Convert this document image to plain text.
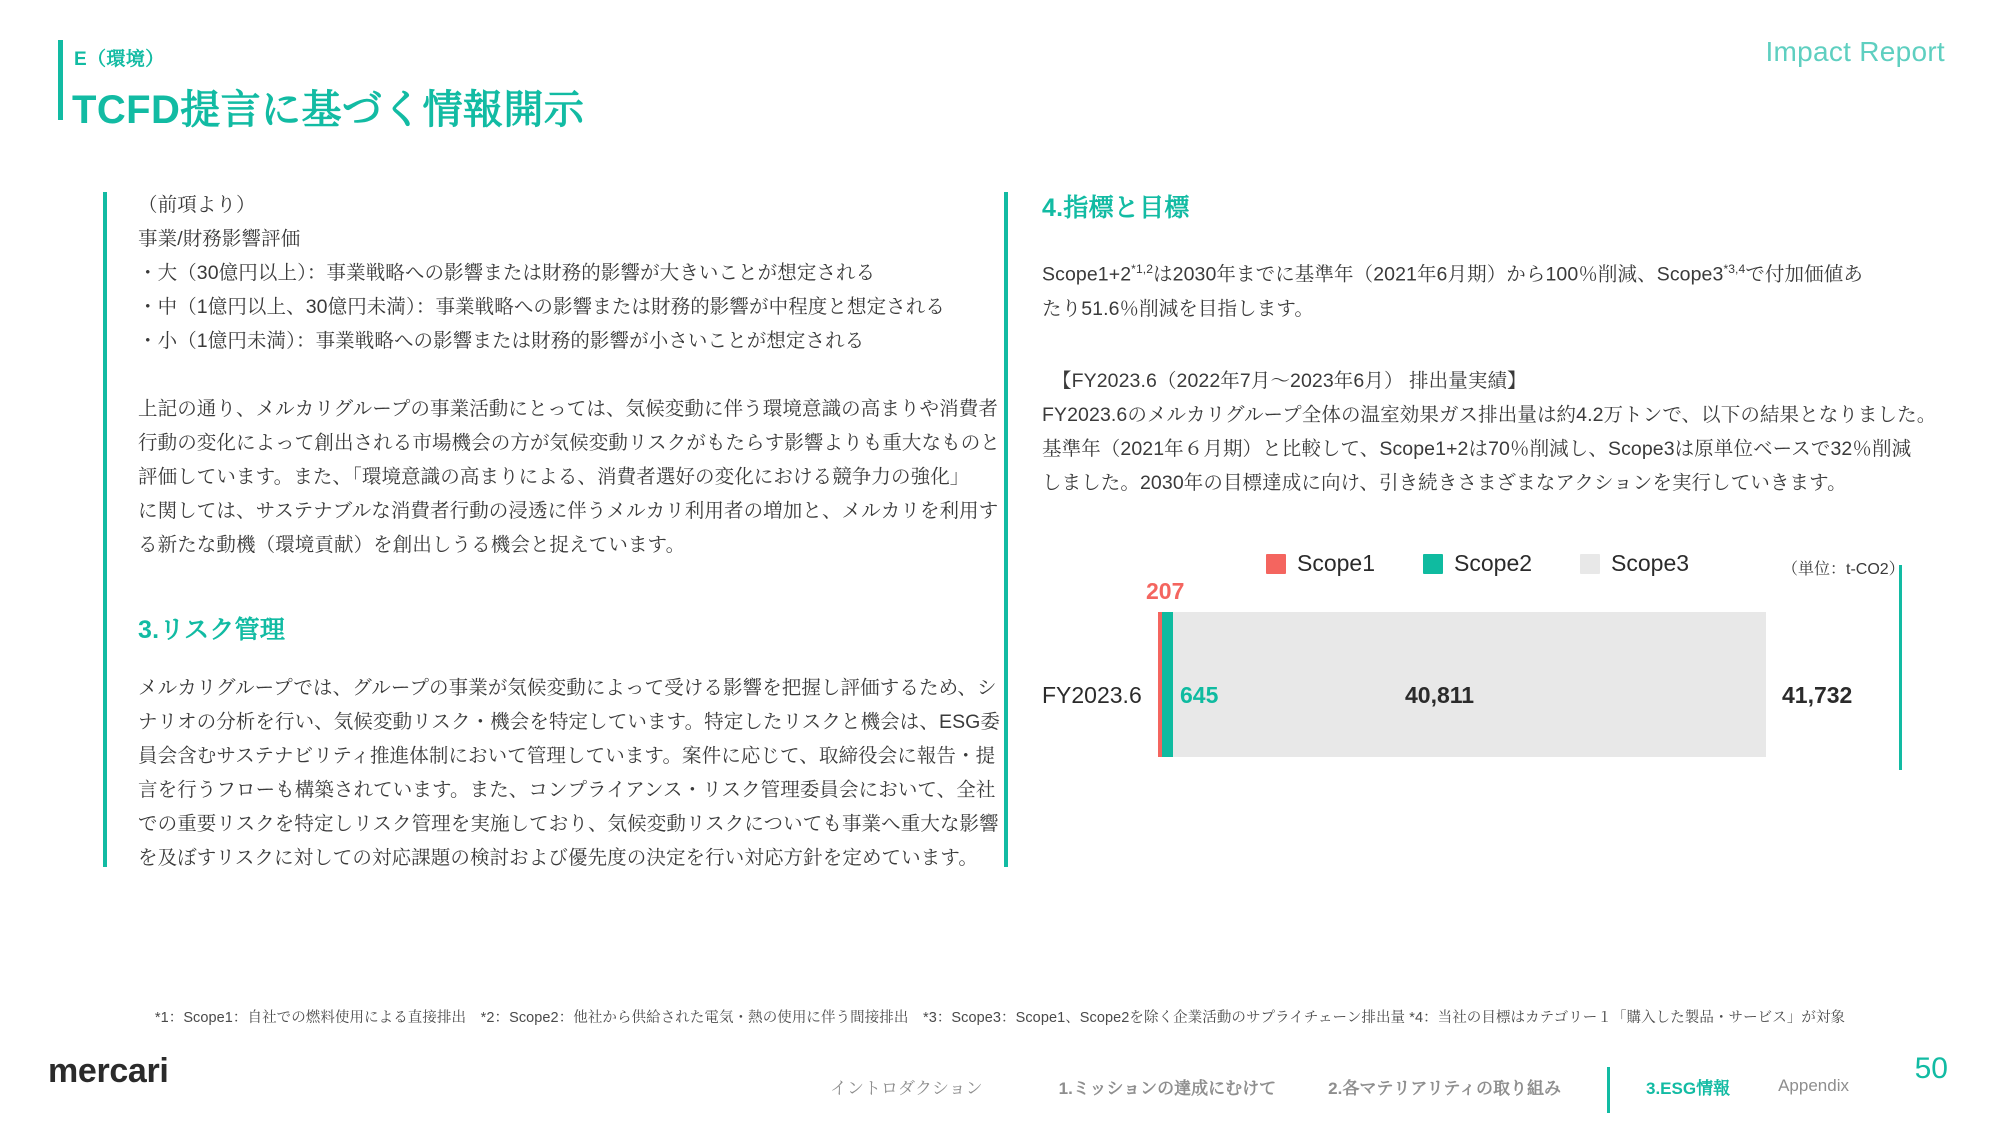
E（環境）
TCFD提言に基づく情報開示
Impact Report
（前項より）
事業/財務影響評価
・大（30億円以上）：事業戦略への影響または財務的影響が大きいことが想定される
・中（1億円以上、30億円未満）：事業戦略への影響または財務的影響が中程度と想定される
・小（1億円未満）：事業戦略への影響または財務的影響が小さいことが想定される
上記の通り、メルカリグループの事業活動にとっては、気候変動に伴う環境意識の高まりや消費者
行動の変化によって創出される市場機会の方が気候変動リスクがもたらす影響よりも重大なものと
評価しています。また、「環境意識の高まりによる、消費者選好の変化における競争力の強化」
に関しては、サステナブルな消費者行動の浸透に伴うメルカリ利用者の増加と、メルカリを利用す
る新たな動機（環境貢献）を創出しうる機会と捉えています。
3.リスク管理
メルカリグループでは、グループの事業が気候変動によって受ける影響を把握し評価するため、シ
ナリオの分析を行い、気候変動リスク・機会を特定しています。特定したリスクと機会は、ESG委
員会含むサステナビリティ推進体制において管理しています。案件に応じて、取締役会に報告・提
言を行うフローも構築されています。また、コンプライアンス・リスク管理委員会において、全社
での重要リスクを特定しリスク管理を実施しており、気候変動リスクについても事業へ重大な影響
を及ぼすリスクに対しての対応課題の検討および優先度の決定を行い対応方針を定めています。
4.指標と目標
$Scope1+2^{*1,2}$は2030年までに基準年（2021年6月期）から100％削減、Scope3$^{*3,4}$で付加価値あ
たり51.6％削減を目指します。
【FY2023.6（2022年7月〜2023年6月） 排出量実績】
FY2023.6のメルカリグループ全体の温室効果ガス排出量は約4.2万トンで、以下の結果となりました。
基準年（2021年６月期）と比較して、Scope1+2は70％削減し、Scope3は原単位ベースで32％削減
しました。2030年の目標達成に向け、引き続きさまざまなアクションを実行していきます。
Scope1	Scope2	Scope3	（単位：t-CO2）
FY2023.6
207
645	40,811	41,732
*1：Scope1：自社での燃料使用による直接排出　*2：Scope2：他社から供給された電気・熱の使用に伴う間接排出　*3：Scope3：Scope1、Scope2を除く企業活動のサプライチェーン排出量 *4：当社の目標はカテゴリー１「購入した製品・サービス」が対象
mercari	イントロダクション	1.ミッションの達成にむけて	2.各マテリアリティの取り組み	3.ESG情報	Appendix
50
